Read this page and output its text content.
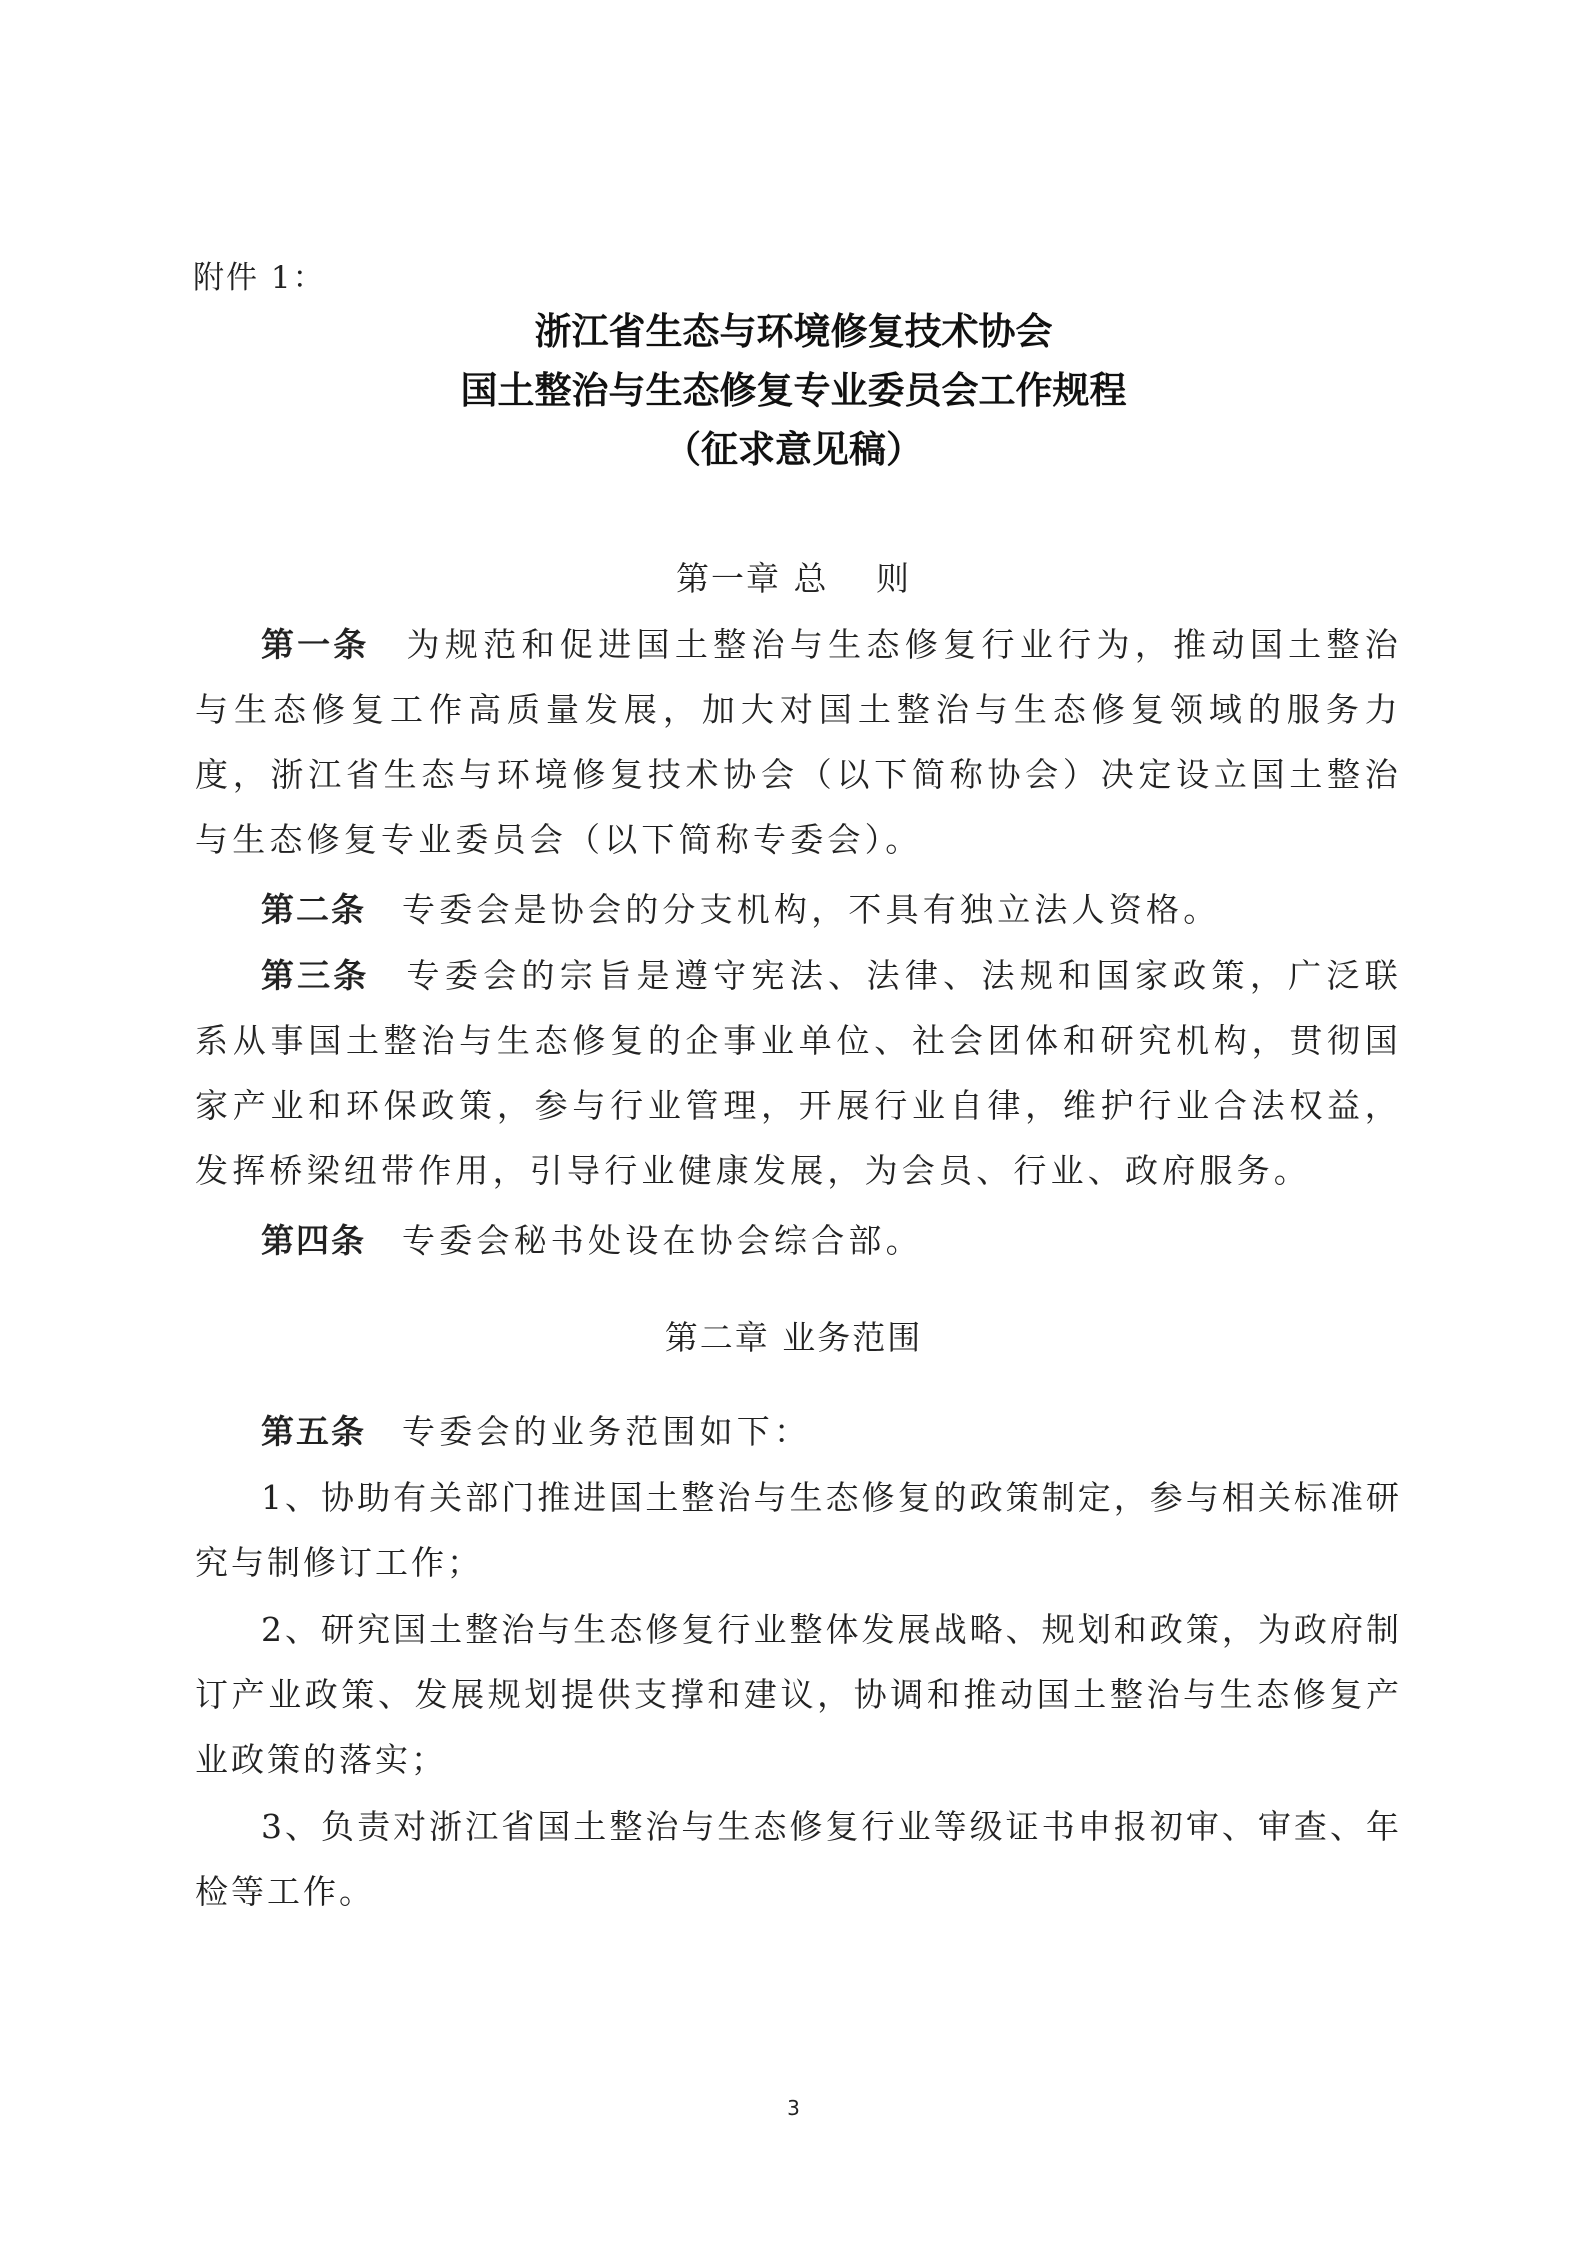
附件 1：
浙江省生态与环境修复技术协会
国土整治与生态修复专业委员会工作规程
（征求意见稿）
第一章 总　 则
第一条 为规范和促进国土整治与生态修复行业行为，推动国土整治与生态修复工作高质量发展，加大对国土整治与生态修复领域的服务力度，浙江省生态与环境修复技术协会（以下简称协会）决定设立国土整治与生态修复专业委员会（以下简称专委会）。
第二条 专委会是协会的分支机构，不具有独立法人资格。
第三条 专委会的宗旨是遵守宪法、法律、法规和国家政策，广泛联系从事国土整治与生态修复的企事业单位、社会团体和研究机构，贯彻国家产业和环保政策，参与行业管理，开展行业自律，维护行业合法权益，发挥桥梁纽带作用，引导行业健康发展，为会员、行业、政府服务。
第四条 专委会秘书处设在协会综合部。
第二章 业务范围
第五条 专委会的业务范围如下：
1、协助有关部门推进国土整治与生态修复的政策制定，参与相关标准研究与制修订工作；
2、研究国土整治与生态修复行业整体发展战略、规划和政策，为政府制订产业政策、发展规划提供支撑和建议，协调和推动国土整治与生态修复产业政策的落实；
3、负责对浙江省国土整治与生态修复行业等级证书申报初审、审查、年检等工作。
3
